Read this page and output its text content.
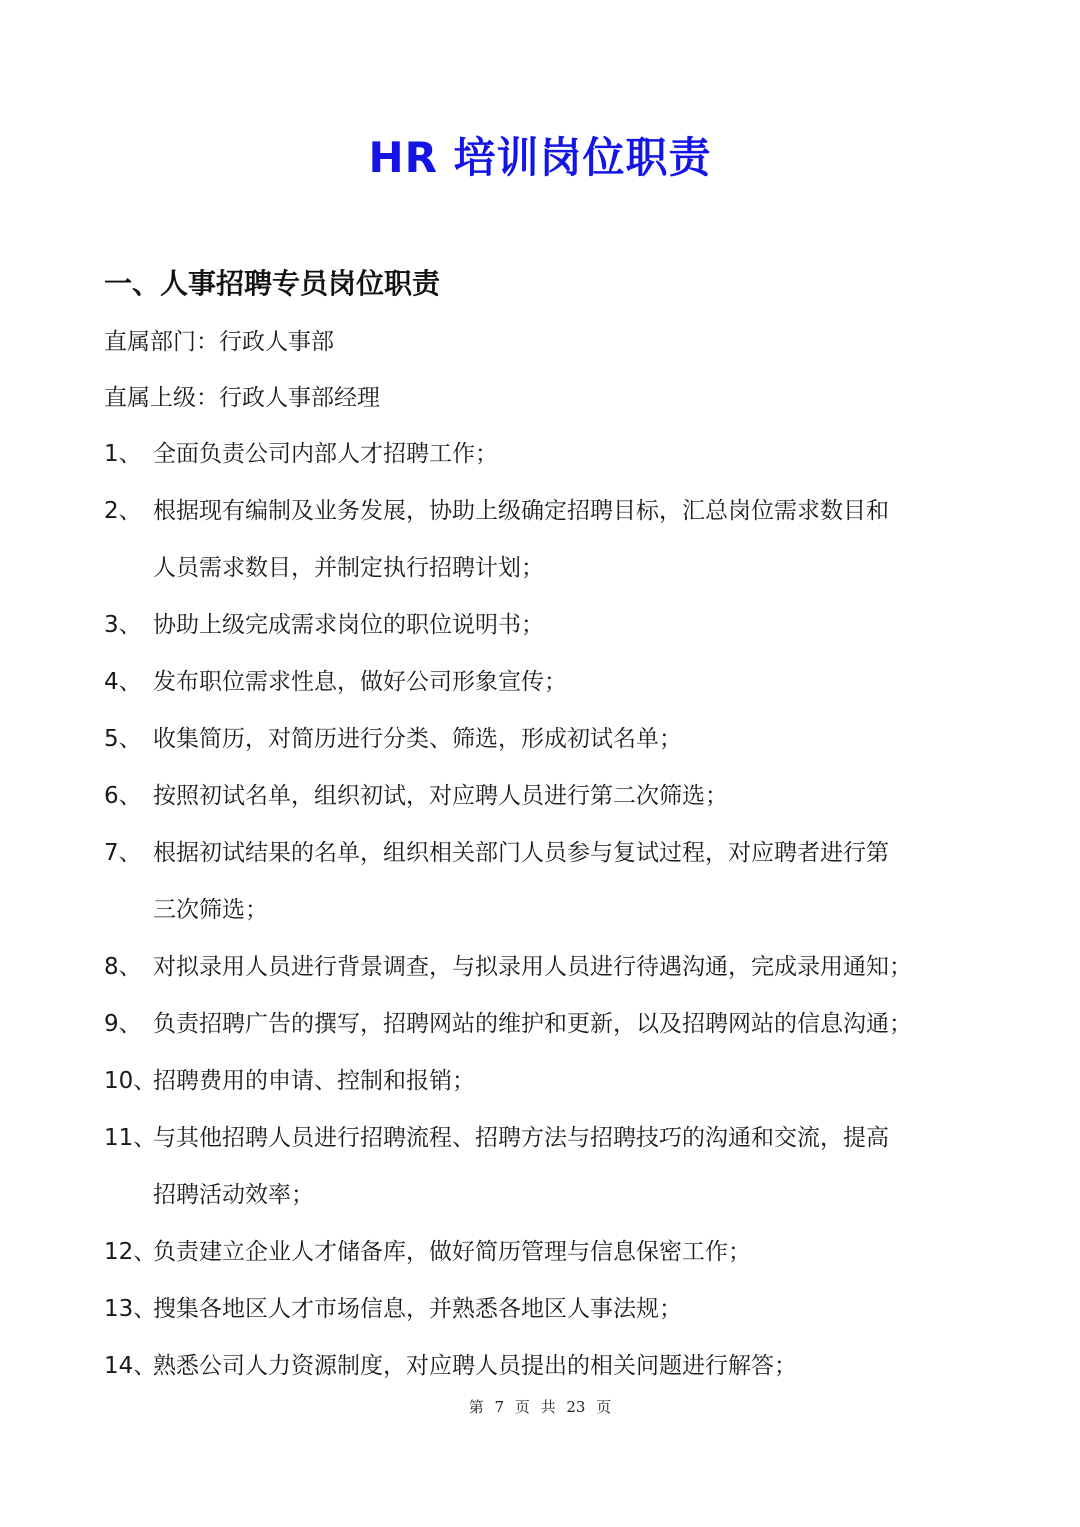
HR 培训岗位职责
一、人事招聘专员岗位职责
直属部门：行政人事部
直属上级：行政人事部经理
1、 全面负责公司内部人才招聘工作；
2、 根据现有编制及业务发展，协助上级确定招聘目标，汇总岗位需求数目和
人员需求数目，并制定执行招聘计划；
3、 协助上级完成需求岗位的职位说明书；
4、 发布职位需求性息，做好公司形象宣传；
5、 收集简历，对简历进行分类、筛选，形成初试名单；
6、 按照初试名单，组织初试，对应聘人员进行第二次筛选；
7、 根据初试结果的名单，组织相关部门人员参与复试过程，对应聘者进行第
三次筛选；
8、 对拟录用人员进行背景调查，与拟录用人员进行待遇沟通，完成录用通知；
9、 负责招聘广告的撰写，招聘网站的维护和更新，以及招聘网站的信息沟通；
10、
招聘费用的申请、控制和报销；
11、
与其他招聘人员进行招聘流程、招聘方法与招聘技巧的沟通和交流，提高
招聘活动效率；
12、
负责建立企业人才储备库，做好简历管理与信息保密工作；
13、
搜集各地区人才市场信息，并熟悉各地区人事法规；
14、
熟悉公司人力资源制度，对应聘人员提出的相关问题进行解答；
第 7 页 共 23 页
